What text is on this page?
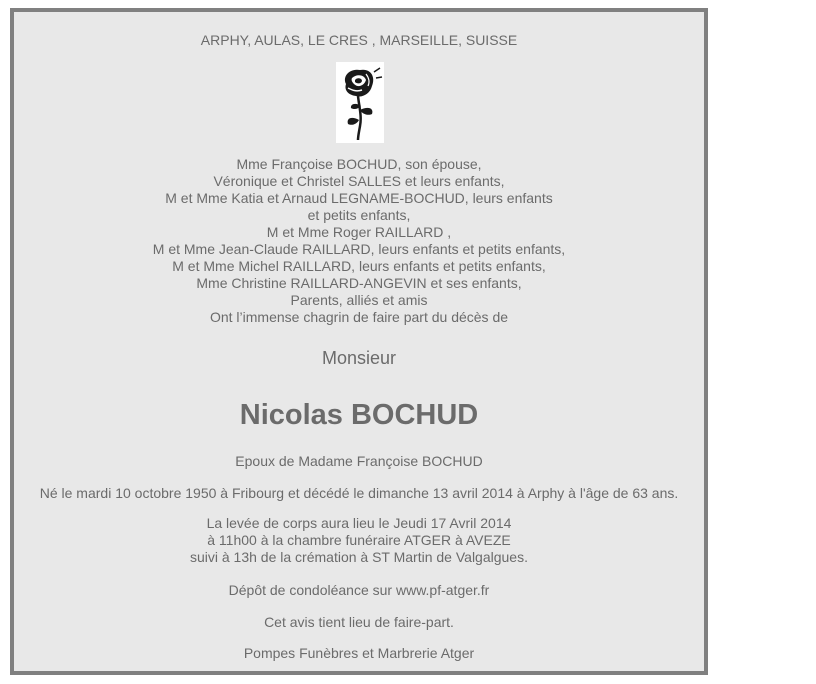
ARPHY, AULAS, LE CRES , MARSEILLE, SUISSE
Mme Françoise BOCHUD, son épouse,
Véronique et Christel SALLES et leurs enfants,
M et Mme Katia et Arnaud LEGNAME-BOCHUD, leurs enfants
et petits enfants,
M et Mme Roger RAILLARD ,
M et Mme Jean-Claude RAILLARD, leurs enfants et petits enfants,
M et Mme Michel RAILLARD, leurs enfants et petits enfants,
Mme Christine RAILLARD-ANGEVIN et ses enfants,
Parents, alliés et amis
Ont l’immense chagrin de faire part du décès de
Monsieur
Nicolas BOCHUD
Epoux de Madame Françoise BOCHUD
Né le mardi 10 octobre 1950 à Fribourg et décédé le dimanche 13 avril 2014 à Arphy à l'âge de 63 ans.
La levée de corps aura lieu le Jeudi 17 Avril 2014
à 11h00 à la chambre funéraire ATGER à AVEZE
suivi à 13h de la crémation à ST Martin de Valgalgues.
Dépôt de condoléance sur www.pf-atger.fr
Cet avis tient lieu de faire-part.
Pompes Funèbres et Marbrerie Atger
